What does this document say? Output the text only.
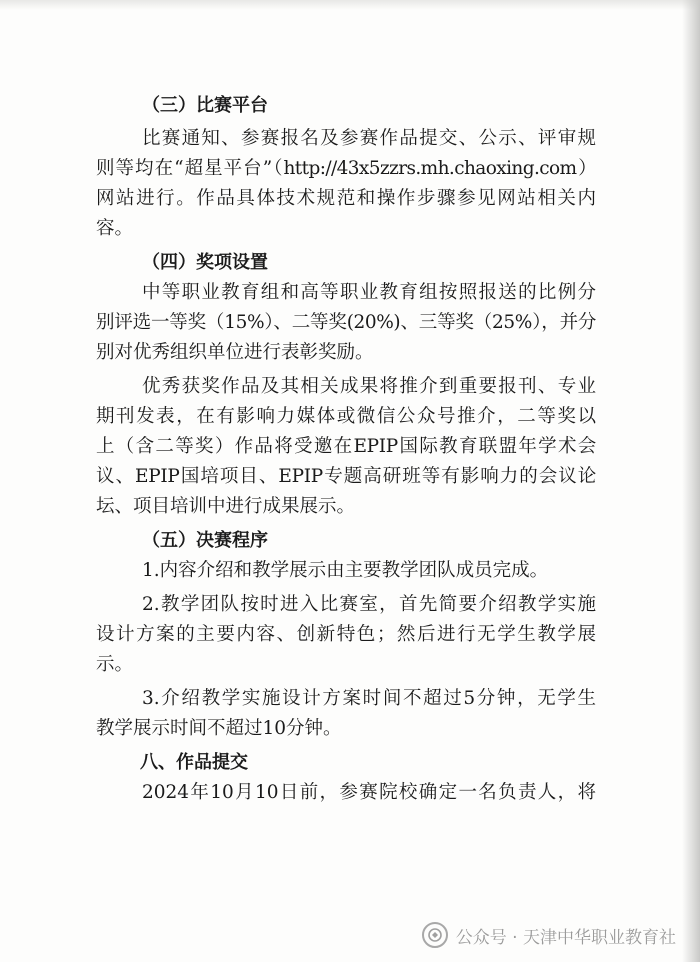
（三）比赛平台

比赛通知、参赛报名及参赛作品提交、公示、评审规

则等均在“超星平台”（http://43x5zzrs.mh.chaoxing.com）

网站进行。作品具体技术规范和操作步骤参见网站相关内

容。

（四）奖项设置

中等职业教育组和高等职业教育组按照报送的比例分

别评选一等奖（15%）、二等奖(20%)、三等奖（25%），并分

别对优秀组织单位进行表彰奖励。

优秀获奖作品及其相关成果将推介到重要报刊、专业

期刊发表，在有影响力媒体或微信公众号推介，二等奖以

上（含二等奖）作品将受邀在EPIP国际教育联盟年学术会

议、EPIP国培项目、EPIP专题高研班等有影响力的会议论

坛、项目培训中进行成果展示。

（五）决赛程序

1.内容介绍和教学展示由主要教学团队成员完成。

2.教学团队按时进入比赛室，首先简要介绍教学实施

设计方案的主要内容、创新特色；然后进行无学生教学展

示。

3.介绍教学实施设计方案时间不超过5分钟，无学生

教学展示时间不超过10分钟。

八、作品提交

2024年10月10日前，参赛院校确定一名负责人，将

公众号 · 天津中华职业教育社
